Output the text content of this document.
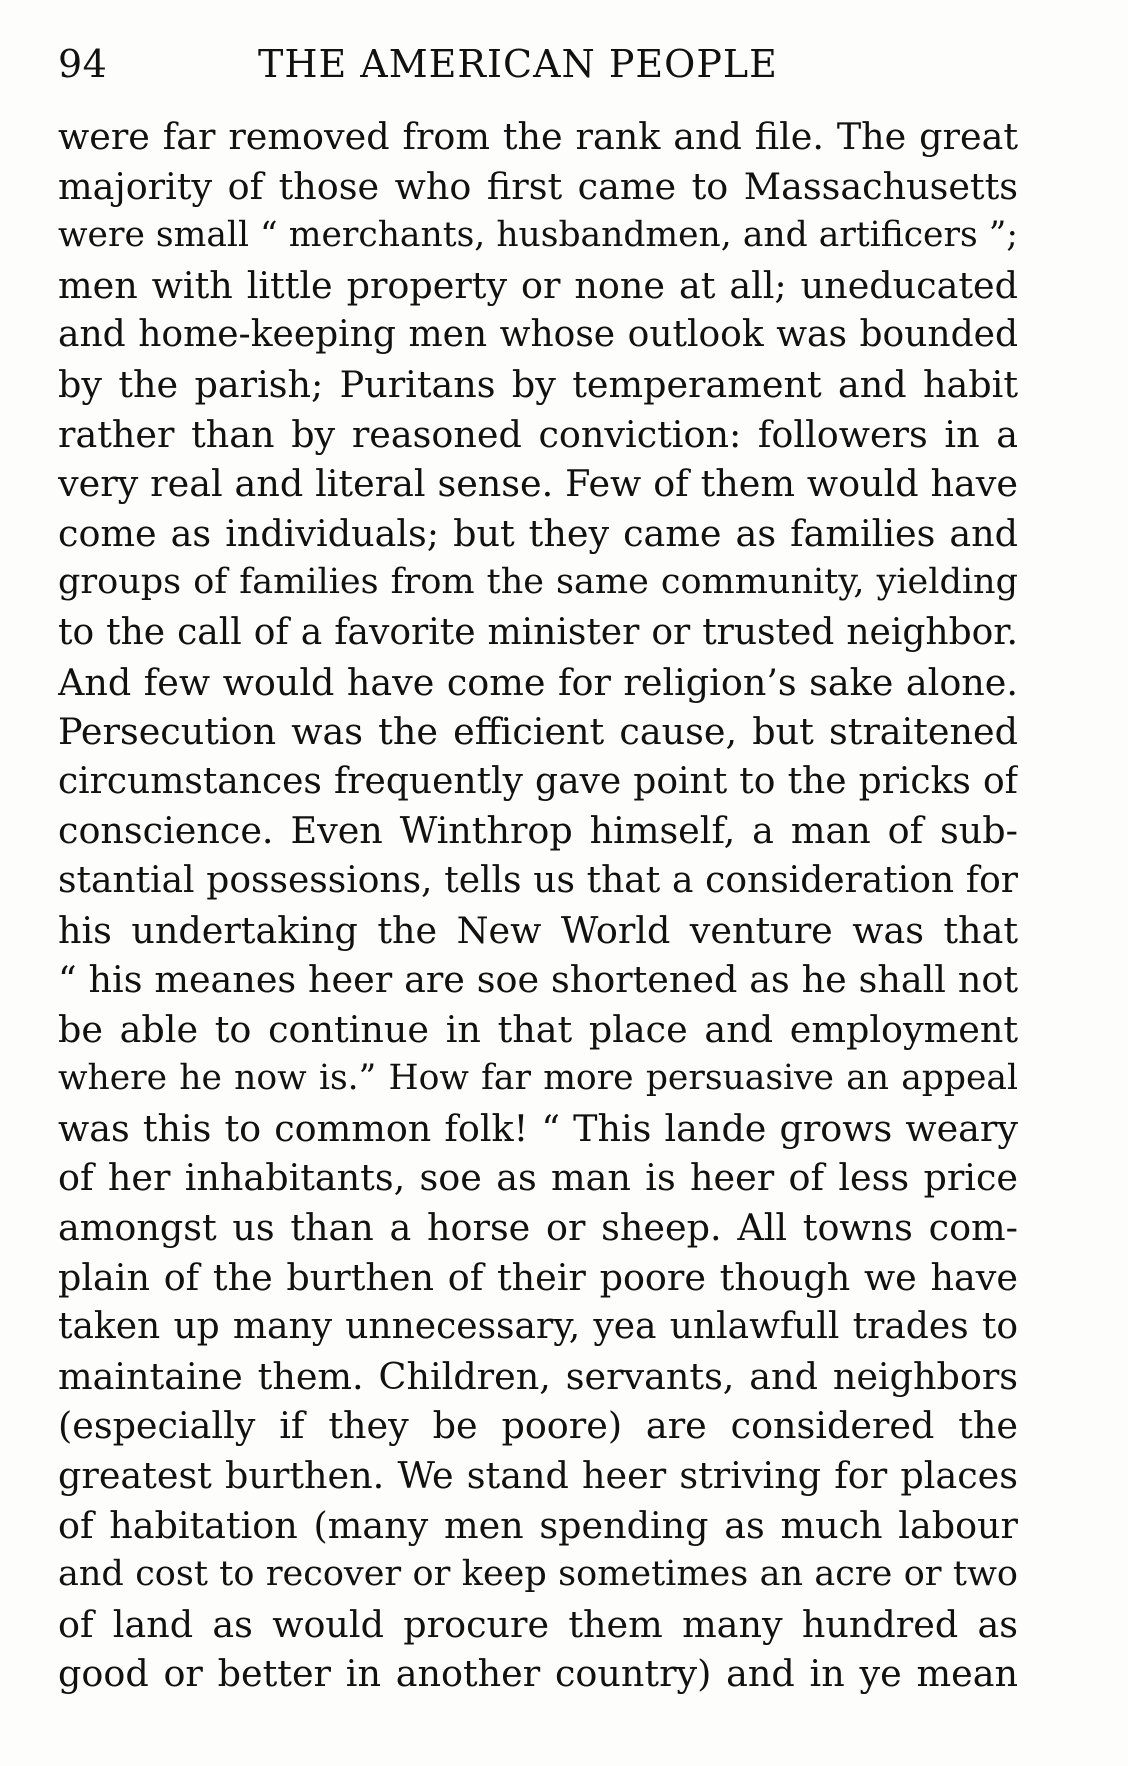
94	THE AMERICAN PEOPLE
were far removed from the rank and file. The great
majority of those who first came to Massachusetts
were small “ merchants, husbandmen, and artificers ”;
men with little property or none at all; uneducated
and home-keeping men whose outlook was bounded
by the parish; Puritans by temperament and habit
rather than by reasoned conviction: followers in a
very real and literal sense. Few of them would have
come as individuals; but they came as families and
groups of families from the same community, yielding
to the call of a favorite minister or trusted neighbor.
And few would have come for religion’s sake alone.
Persecution was the efficient cause, but straitened
circumstances frequently gave point to the pricks of
conscience. Even Winthrop himself, a man of sub-
stantial possessions, tells us that a consideration for
his undertaking the New World venture was that
“ his meanes heer are soe shortened as he shall not
be able to continue in that place and employment
where he now is.” How far more persuasive an appeal
was this to common folk! “ This lande grows weary
of her inhabitants, soe as man is heer of less price
amongst us than a horse or sheep. All towns com-
plain of the burthen of their poore though we have
taken up many unnecessary, yea unlawfull trades to
maintaine them. Children, servants, and neighbors
(especially if they be poore) are considered the
greatest burthen. We stand heer striving for places
of habitation (many men spending as much labour
and cost to recover or keep sometimes an acre or two
of land as would procure them many hundred as
good or better in another country) and in ye mean
